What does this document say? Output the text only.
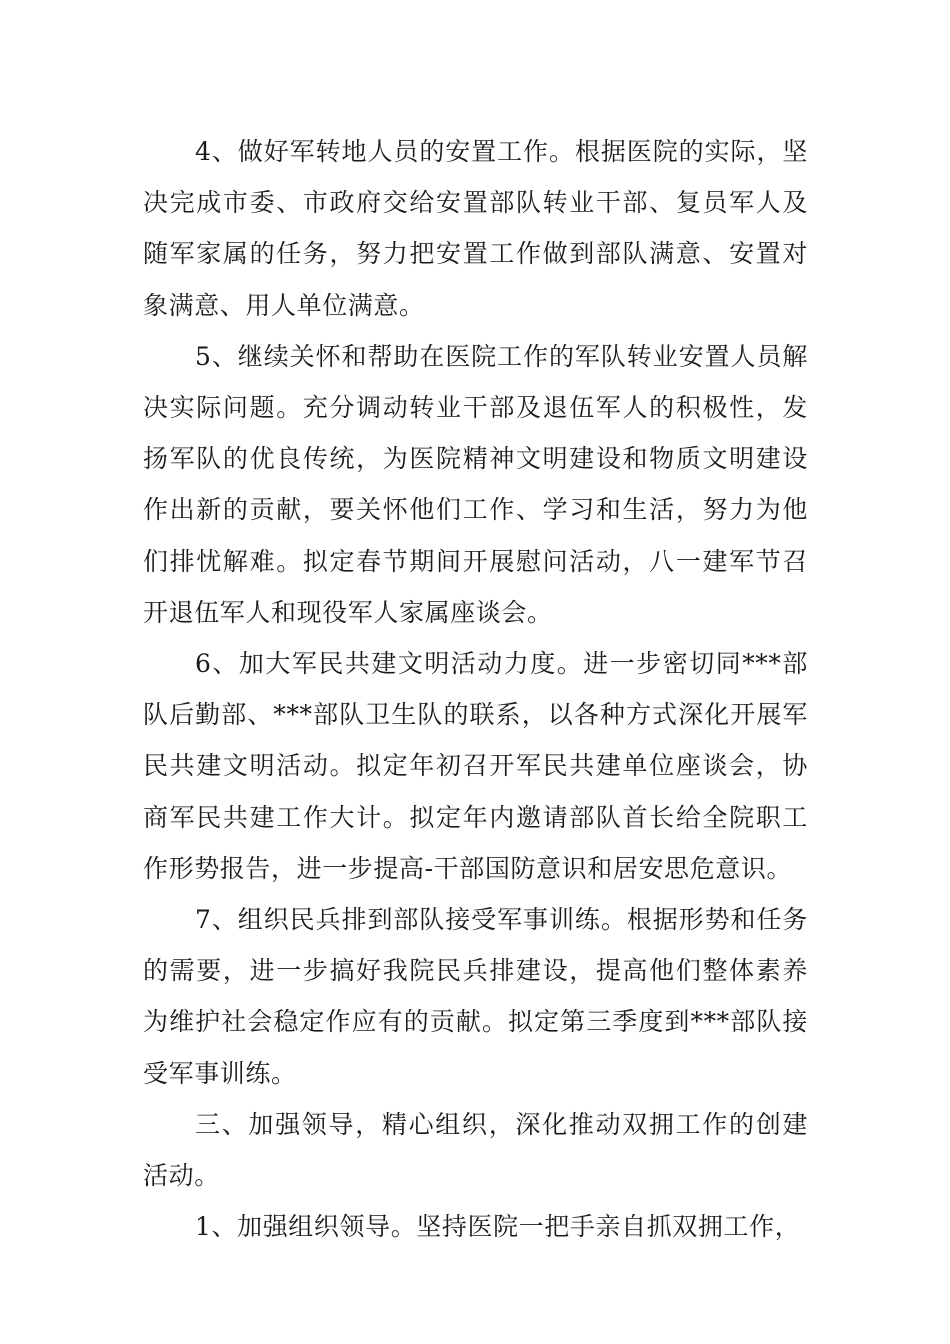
4、做好军转地人员的安置工作。根据医院的实际，坚决完成市委、市政府交给安置部队转业干部、复员军人及随军家属的任务，努力把安置工作做到部队满意、安置对象满意、用人单位满意。

5、继续关怀和帮助在医院工作的军队转业安置人员解决实际问题。充分调动转业干部及退伍军人的积极性，发扬军队的优良传统，为医院精神文明建设和物质文明建设作出新的贡献，要关怀他们工作、学习和生活，努力为他们排忧解难。拟定春节期间开展慰问活动，八一建军节召开退伍军人和现役军人家属座谈会。

6、加大军民共建文明活动力度。进一步密切同***部队后勤部、***部队卫生队的联系，以各种方式深化开展军民共建文明活动。拟定年初召开军民共建单位座谈会，协商军民共建工作大计。拟定年内邀请部队首长给全院职工作形势报告，进一步提高-干部国防意识和居安思危意识。

7、组织民兵排到部队接受军事训练。根据形势和任务的需要，进一步搞好我院民兵排建设，提高他们整体素养为维护社会稳定作应有的贡献。拟定第三季度到***部队接受军事训练。

三、加强领导，精心组织，深化推动双拥工作的创建活动。

1、加强组织领导。坚持医院一把手亲自抓双拥工作，
